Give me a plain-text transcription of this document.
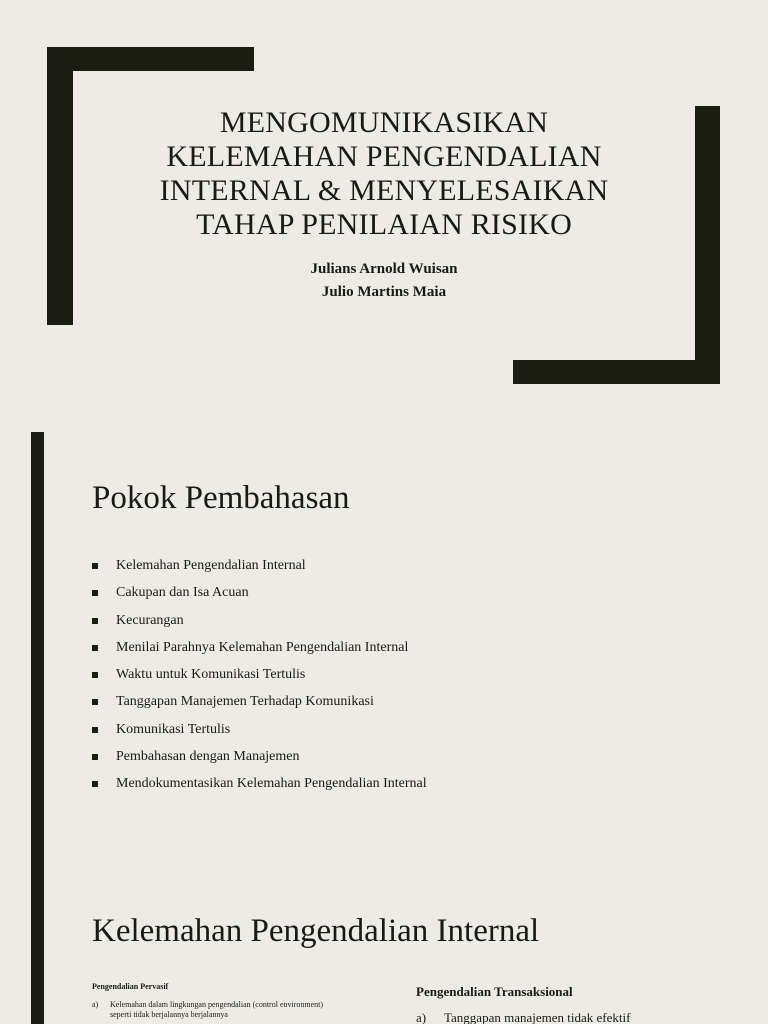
MENGOMUNIKASIKAN
KELEMAHAN PENGENDALIAN
INTERNAL & MENYELESAIKAN
TAHAP PENILAIAN RISIKO
Julians Arnold Wuisan
Julio Martins Maia
Pokok Pembahasan
Kelemahan Pengendalian Internal
Cakupan dan Isa Acuan
Kecurangan
Menilai Parahnya Kelemahan Pengendalian Internal
Waktu untuk Komunikasi Tertulis
Tanggapan Manajemen Terhadap Komunikasi
Komunikasi Tertulis
Pembahasan dengan Manajemen
Mendokumentasikan Kelemahan Pengendalian Internal
Kelemahan Pengendalian Internal
Pengendalian Pervasif
a)	Kelemahan dalam lingkungan pengendalian (control environment) seperti tidak berjalannya berjalannya
Pengendalian Transaksional
a) Tanggapan manajemen tidak efektif
